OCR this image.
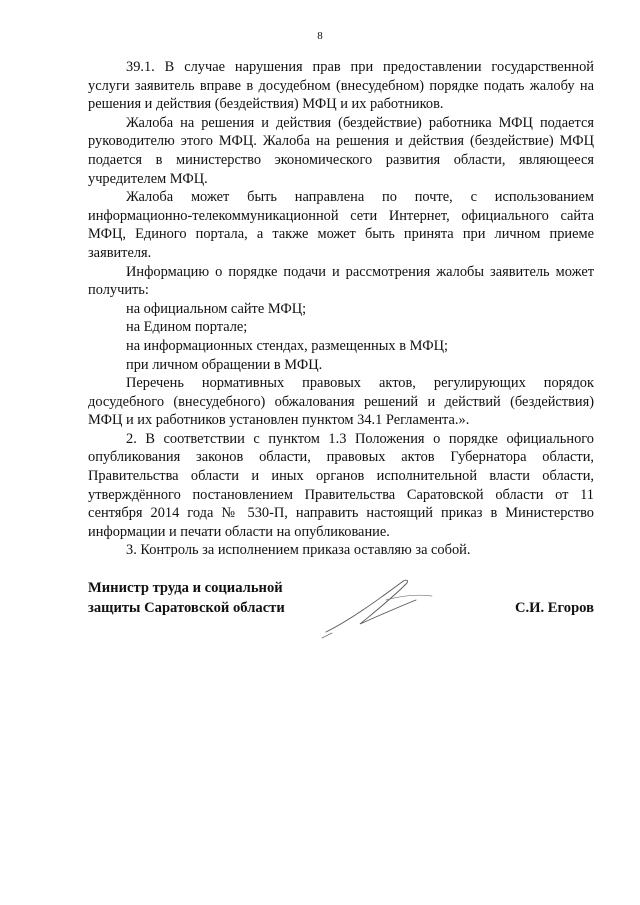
8

39.1. В случае нарушения прав при предоставлении государственной услуги заявитель вправе в досудебном (внесудебном) порядке подать жалобу на решения и действия (бездействия) МФЦ и их работников.

Жалоба на решения и действия (бездействие) работника МФЦ подается руководителю этого МФЦ. Жалоба на решения и действия (бездействие) МФЦ подается в министерство экономического развития области, являющееся учредителем МФЦ.

Жалоба может быть направлена по почте, с использованием информационно-телекоммуникационной сети Интернет, официального сайта МФЦ, Единого портала, а также может быть принята при личном приеме заявителя.

Информацию о порядке подачи и рассмотрения жалобы заявитель может получить:

на официальном сайте МФЦ;

на Едином портале;

на информационных стендах, размещенных в МФЦ;

при личном обращении в МФЦ.

Перечень нормативных правовых актов, регулирующих порядок досудебного (внесудебного) обжалования решений и действий (бездействия) МФЦ и их работников установлен пунктом 34.1 Регламента.».

2. В соответствии с пунктом 1.3 Положения о порядке официального опубликования законов области, правовых актов Губернатора области, Правительства области и иных органов исполнительной власти области, утверждённого постановлением Правительства Саратовской области от 11 сентября 2014 года № 530-П, направить настоящий приказ в Министерство информации и печати области на опубликование.

3. Контроль за исполнением приказа оставляю за собой.

Министр труда и социальной
защиты Саратовской области	С.И. Егоров
